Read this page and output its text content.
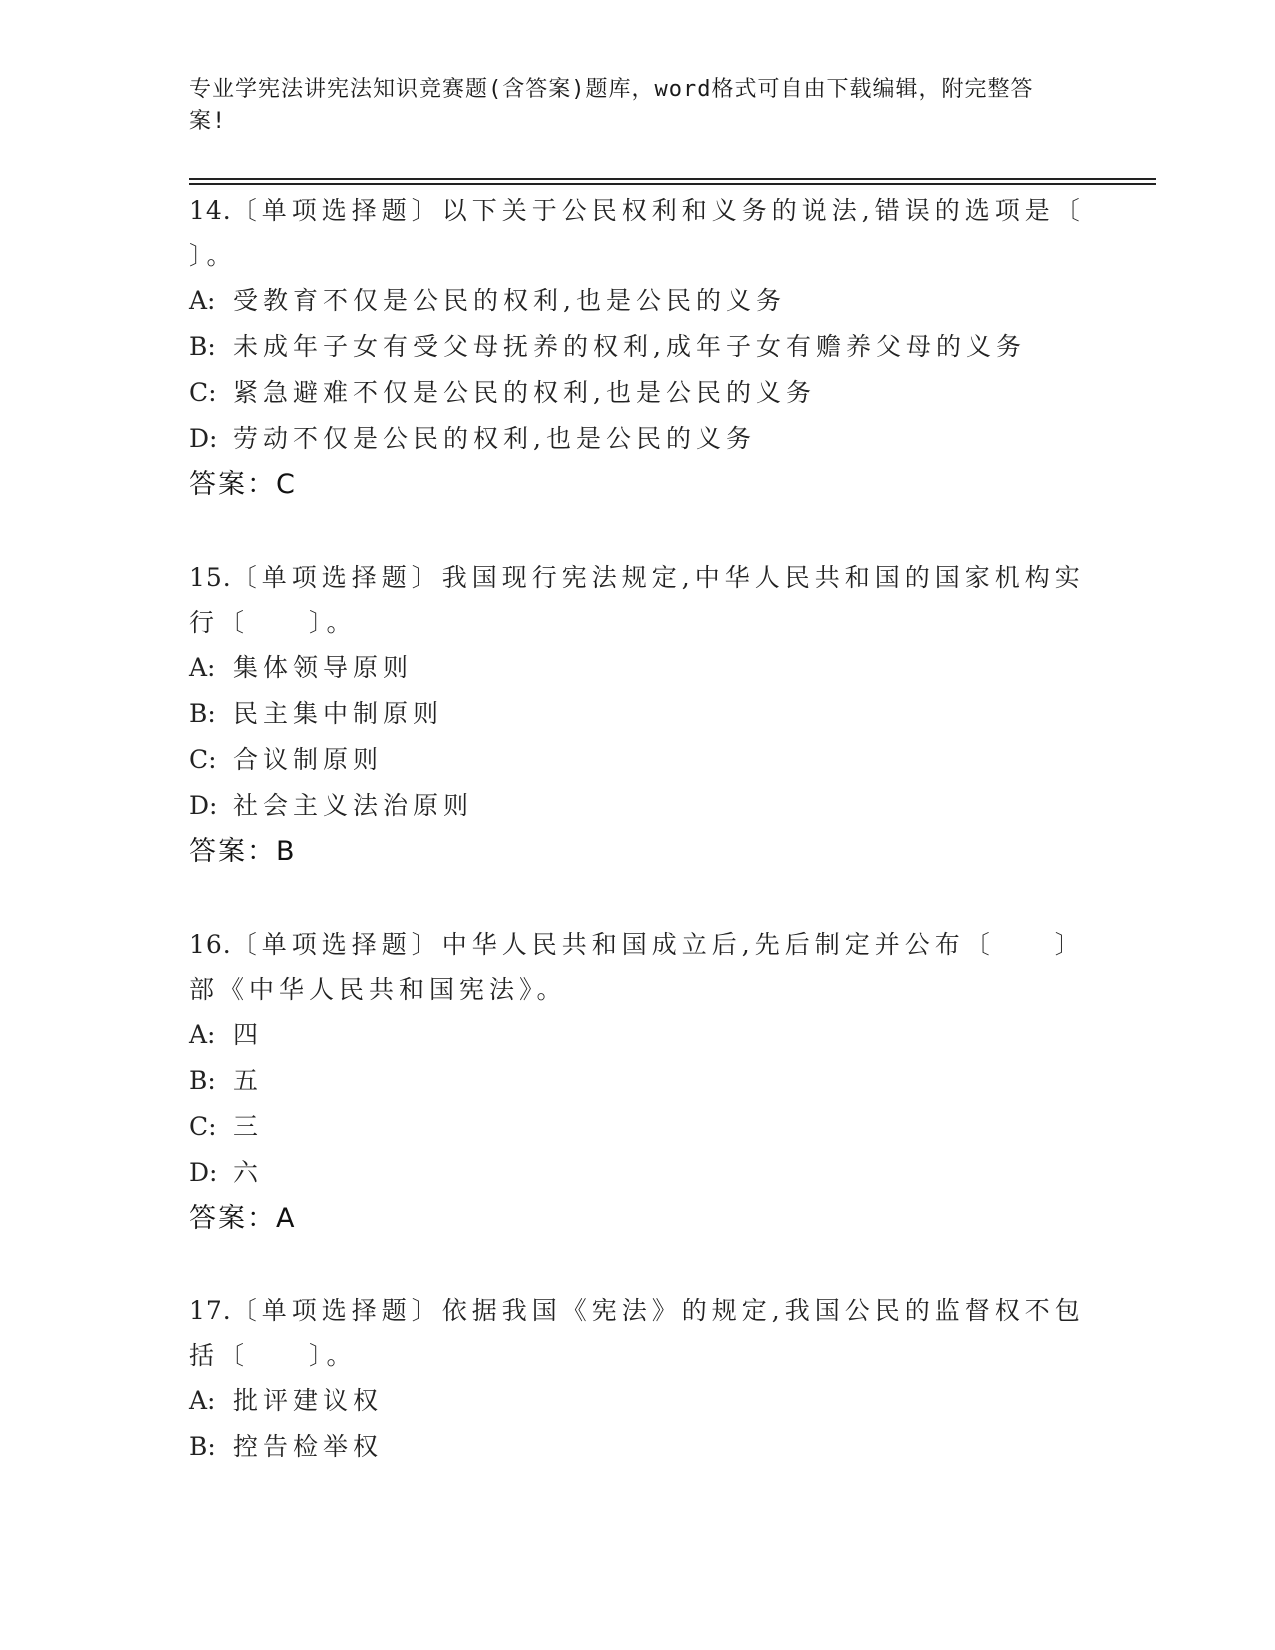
专业学宪法讲宪法知识竞赛题(含答案)题库，word格式可自由下载编辑，附完整答案!
14.〔单项选择题〕以下关于公民权利和义务的说法,错误的选项是〔 〕。
A: 受教育不仅是公民的权利,也是公民的义务
B: 未成年子女有受父母抚养的权利,成年子女有赡养父母的义务
C: 紧急避难不仅是公民的权利,也是公民的义务
D: 劳动不仅是公民的权利,也是公民的义务
答案：C
15.〔单项选择题〕我国现行宪法规定,中华人民共和国的国家机构实行〔　　〕。
A: 集体领导原则
B: 民主集中制原则
C: 合议制原则
D: 社会主义法治原则
答案：B
16.〔单项选择题〕中华人民共和国成立后,先后制定并公布〔　　〕部《中华人民共和国宪法》。
A: 四
B: 五
C: 三
D: 六
答案：A
17.〔单项选择题〕依据我国《宪法》的规定,我国公民的监督权不包括〔　　〕。
A: 批评建议权
B: 控告检举权
